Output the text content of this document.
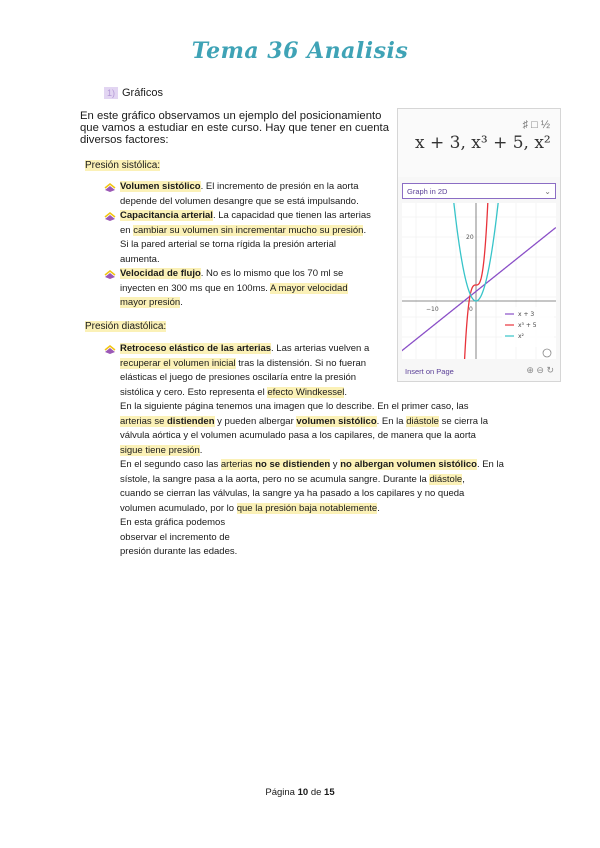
Tema 36 Analisis
1) Gráficos
En este gráfico observamos un ejemplo del posicionamiento que vamos a estudiar en este curso. Hay que tener en cuenta diversos factores:
Presión sistólica:
Volumen sistólico. El incremento de presión en la aorta
depende del volumen desangre que se está impulsando.
Capacitancia arterial. La capacidad que tienen las arterias
en cambiar su volumen sin incrementar mucho su presión.
Si la pared arterial se torna rígida la presión arterial
aumenta.
Velocidad de flujo. No es lo mismo que los 70 ml se
inyecten en 300 ms que en 100ms. A mayor velocidad
mayor presión.
Presión diastólica:
Retroceso elástico de las arterias. Las arterias vuelven a
recuperar el volumen inicial tras la distensión. Si no fueran
elásticas el juego de presiones oscilaría entre la presión
sistólica y cero. Esto representa el efecto Windkessel.
En la siguiente página tenemos una imagen que lo describe. En el primer caso, las
arterias se distienden y pueden albergar volumen sistólico. En la diástole se cierra la
válvula aórtica y el volumen acumulado pasa a los capilares, de manera que la aorta
sigue tiene presión.
En el segundo caso las arterias no se distienden y no albergan volumen sistólico. En la
sístole, la sangre pasa a la aorta, pero no se acumula sangre. Durante la diástole,
cuando se cierran las válvulas, la sangre ya ha pasado a los capilares y no queda
volumen acumulado, por lo que la presión baja notablemente.
En esta gráfica podemos
observar el incremento de
presión durante las edades.
♯ □ ½
x + 3, x³ + 5, x²
Graph in 2D	⌄
−10	0
20
x + 3
x³ + 5
x²
Insert on Page	⊕ ⊖ ↻
Página 10 de 15
